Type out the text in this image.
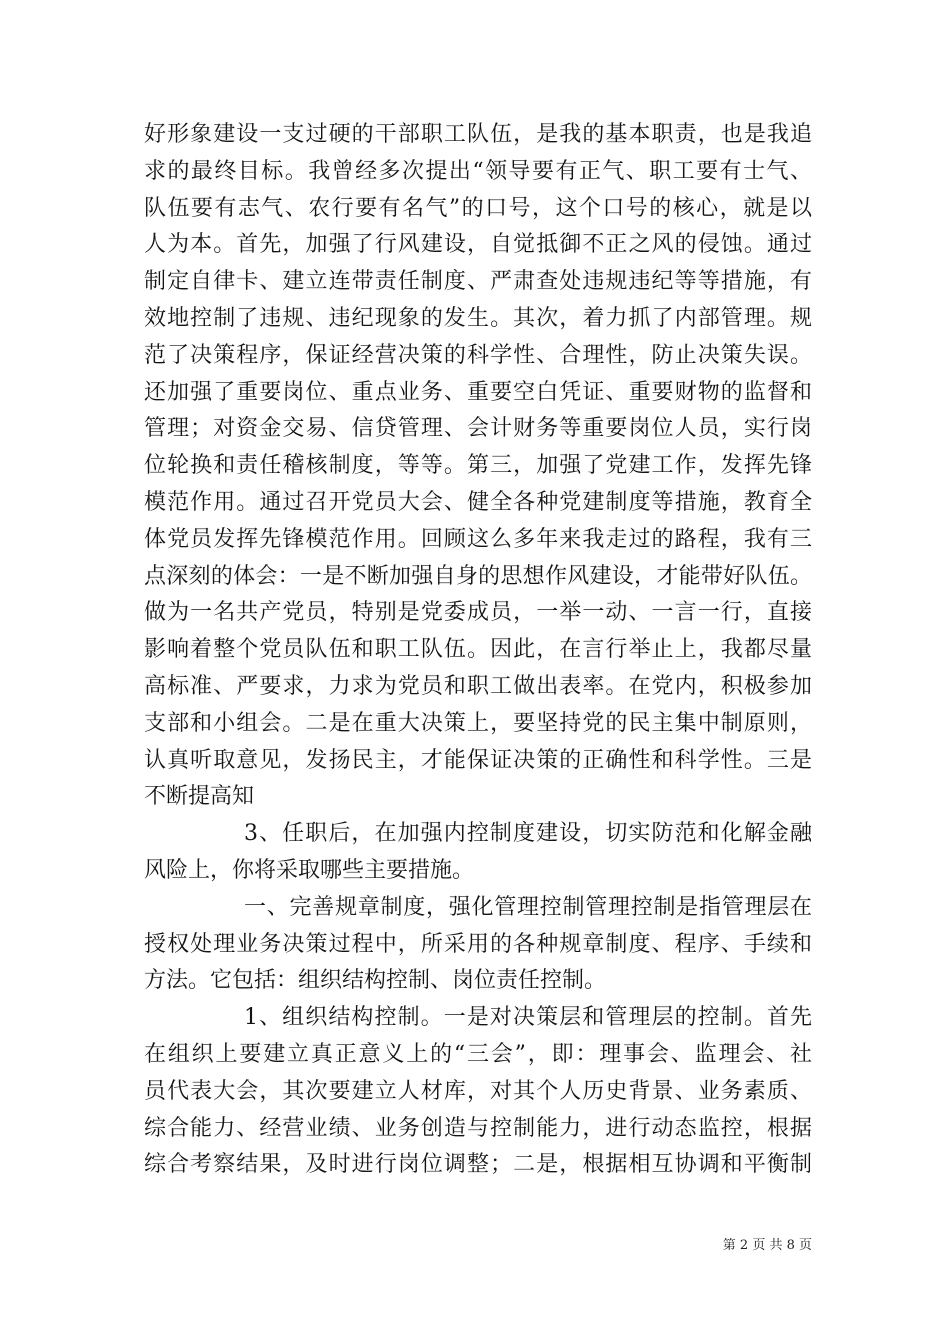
好形象建设一支过硬的干部职工队伍，是我的基本职责，也是我追
求的最终目标。我曾经多次提出“领导要有正气、职工要有士气、
队伍要有志气、农行要有名气”的口号，这个口号的核心，就是以
人为本。首先，加强了行风建设，自觉抵御不正之风的侵蚀。通过
制定自律卡、建立连带责任制度、严肃查处违规违纪等等措施，有
效地控制了违规、违纪现象的发生。其次，着力抓了内部管理。规
范了决策程序，保证经营决策的科学性、合理性，防止决策失误。
还加强了重要岗位、重点业务、重要空白凭证、重要财物的监督和
管理；对资金交易、信贷管理、会计财务等重要岗位人员，实行岗
位轮换和责任稽核制度，等等。第三，加强了党建工作，发挥先锋
模范作用。通过召开党员大会、健全各种党建制度等措施，教育全
体党员发挥先锋模范作用。回顾这么多年来我走过的路程，我有三
点深刻的体会：一是不断加强自身的思想作风建设，才能带好队伍。
做为一名共产党员，特别是党委成员，一举一动、一言一行，直接
影响着整个党员队伍和职工队伍。因此，在言行举止上，我都尽量
高标准、严要求，力求为党员和职工做出表率。在党内，积极参加
支部和小组会。二是在重大决策上，要坚持党的民主集中制原则，
认真听取意见，发扬民主，才能保证决策的正确性和科学性。三是
不断提高知
3、任职后，在加强内控制度建设，切实防范和化解金融
风险上，你将采取哪些主要措施。
一、完善规章制度，强化管理控制管理控制是指管理层在
授权处理业务决策过程中，所采用的各种规章制度、程序、手续和
方法。它包括：组织结构控制、岗位责任控制。
1、组织结构控制。一是对决策层和管理层的控制。首先
在组织上要建立真正意义上的“三会”，即：理事会、监理会、社
员代表大会，其次要建立人材库，对其个人历史背景、业务素质、
综合能力、经营业绩、业务创造与控制能力，进行动态监控，根据
综合考察结果，及时进行岗位调整；二是，根据相互协调和平衡制
第 2 页 共 8 页
